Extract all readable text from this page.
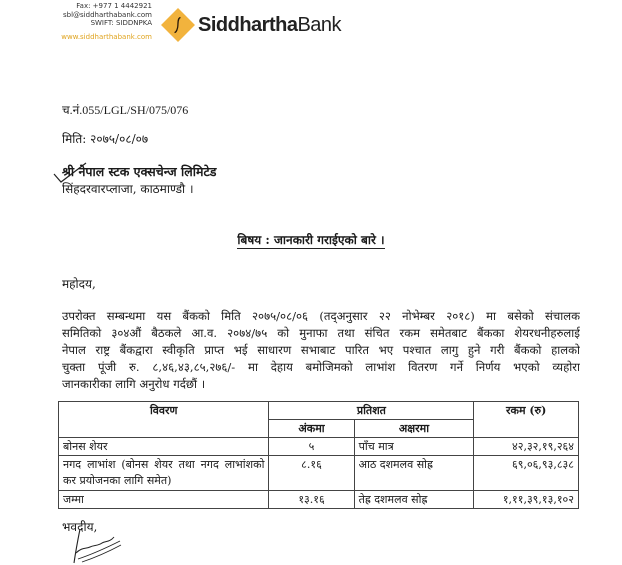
Fax: +977 1 4442921
sbl@siddharthabank.com
SWIFT: SIDDNPKA
www.siddharthabank.com
SiddharthaBank
च.नं.055/LGL/SH/075/076
मिति: २०७५/०८/०७
श्री नेपाल स्टक एक्सचेन्ज लिमिटेड
सिंहदरवारप्लाजा, काठमाण्डौ ।
बिषय : जानकारी गराईएको बारे ।
महोदय,
उपरोक्त सम्बन्धमा यस बैंकको मिति २०७५/०८/०६ (तद्अनुसार २२ नोभेम्बर २०१८) मा बसेको संचालक
समितिको ३०४औं बैठकले आ.व. २०७४/७५ को मुनाफा तथा संचित रकम समेतबाट बैंकका शेयरधनीहरुलाई
नेपाल राष्ट्र बैंकद्वारा स्वीकृति प्राप्त भई साधारण सभाबाट पारित भए पश्चात लागु हुने गरी बैंकको हालको
चुक्ता पूंजी रु. ८,४६,४३,८५,२७६/- मा देहाय बमोजिमको लाभांश वितरण गर्ने निर्णय भएको व्यहोरा
जानकारीका लागि अनुरोध गर्दछौं ।
विवरण	प्रतिशत		रकम (रु)
	अंकमा	अक्षरमा	
बोनस शेयर	५	पाँच मात्र	४२,३२,१९,२६४
नगद लाभांश (बोनस शेयर तथा नगद लाभांशको कर प्रयोजनका लागि समेत)	८.१६	आठ दशमलव सोह्र	६९,०६,९३,८३८
जम्मा	१३.१६	तेह्र दशमलव सोह्र	१,११,३९,१३,१०२
भवदीय,
